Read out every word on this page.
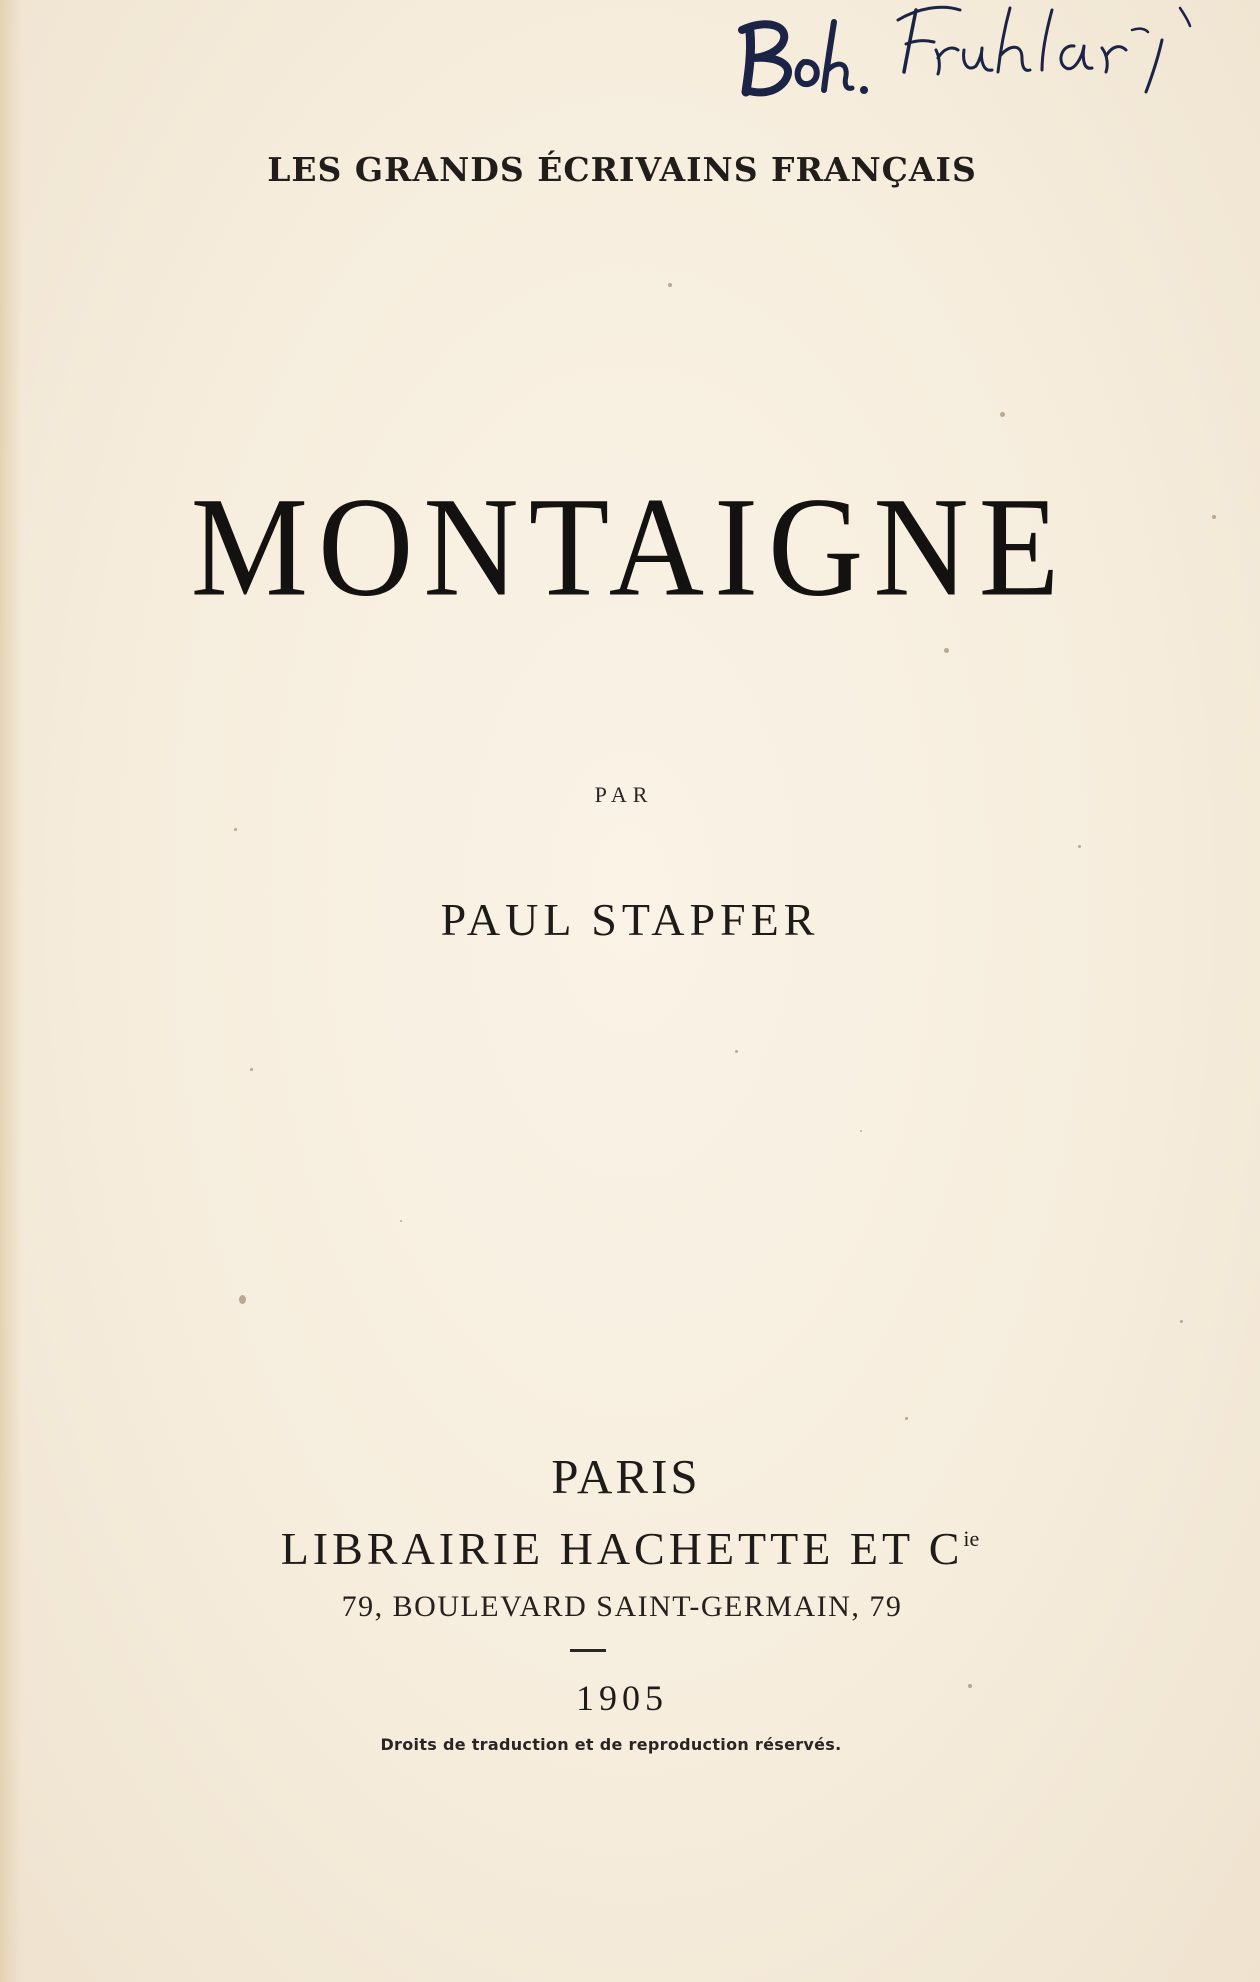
LES GRANDS ÉCRIVAINS FRANÇAIS
MONTAIGNE
PAR
PAUL STAPFER
PARIS
LIBRAIRIE HACHETTE ET $C^{ie}$
79, BOULEVARD SAINT-GERMAIN, 79
1905
Droits de traduction et de reproduction réservés.
